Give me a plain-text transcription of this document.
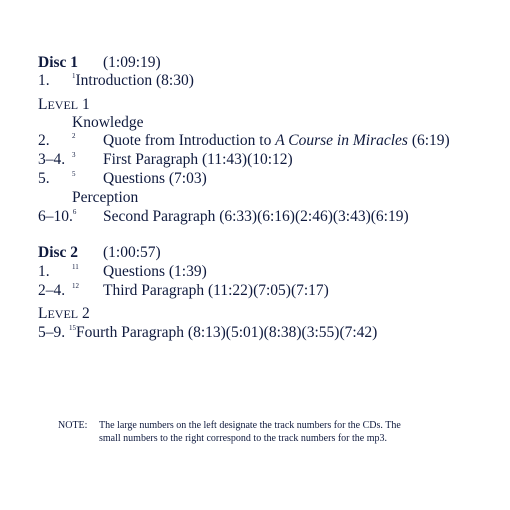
Disc 1 (1:09:19)
1.	$^1$Introduction (8:30)
LEVEL 1
Knowledge
2.	$^2$ Quote from Introduction to A Course in Miracles (6:19)
3–4. $^3$ First Paragraph (11:43)(10:12)
5.	$^5$ Questions (7:03)
Perception
6–10.$^6$ Second Paragraph (6:33)(6:16)(2:46)(3:43)(6:19)
Disc 2 (1:00:57)
1.	$^{11}$ Questions (1:39)
2–4. $^{12}$ Third Paragraph (11:22)(7:05)(7:17)
LEVEL 2
5–9. $^{15}$Fourth Paragraph (8:13)(5:01)(8:38)(3:55)(7:42)
NOTE: The large numbers on the left designate the track numbers for the CDs. The
small numbers to the right correspond to the track numbers for the mp3.
